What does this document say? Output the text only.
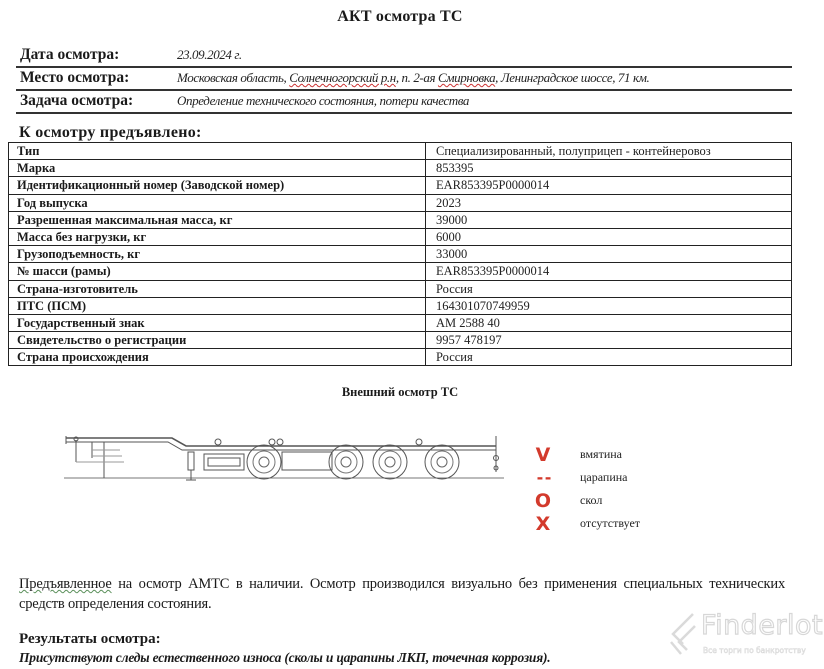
АКТ осмотра ТС
Дата осмотра:	23.09.2024 г.
Место осмотра:	Московская область, Солнечногорский р.н, п. 2-ая Смирновка, Ленинградское шоссе, 71 км.
Задача осмотра:	Определение технического состояния, потери качества
К осмотру предъявлено:
Тип	Специализированный, полуприцеп - контейнеровоз
Марка	853395
Идентификационный номер (Заводской номер)	EAR853395P0000014
Год выпуска	2023
Разрешенная максимальная масса, кг	39000
Масса без нагрузки, кг	6000
Грузоподъемность, кг	33000
№ шасси (рамы)	EAR853395P0000014
Страна-изготовитель	Россия
ПТС (ПСМ)	164301070749959
Государственный знак	АМ 2588 40
Свидетельство о регистрации	9957 478197
Страна происхождения	Россия
Внешний осмотр ТС
V вмятина
- -	царапина
O скол
X отсутствует
Предъявленное на осмотр АМТС в наличии. Осмотр производился визуально без применения специальных технических средств определения состояния.
Результаты осмотра:
Присутствуют следы естественного износа (сколы и царапины ЛКП, точечная коррозия).
Finderlot
Все торги по банкротству
